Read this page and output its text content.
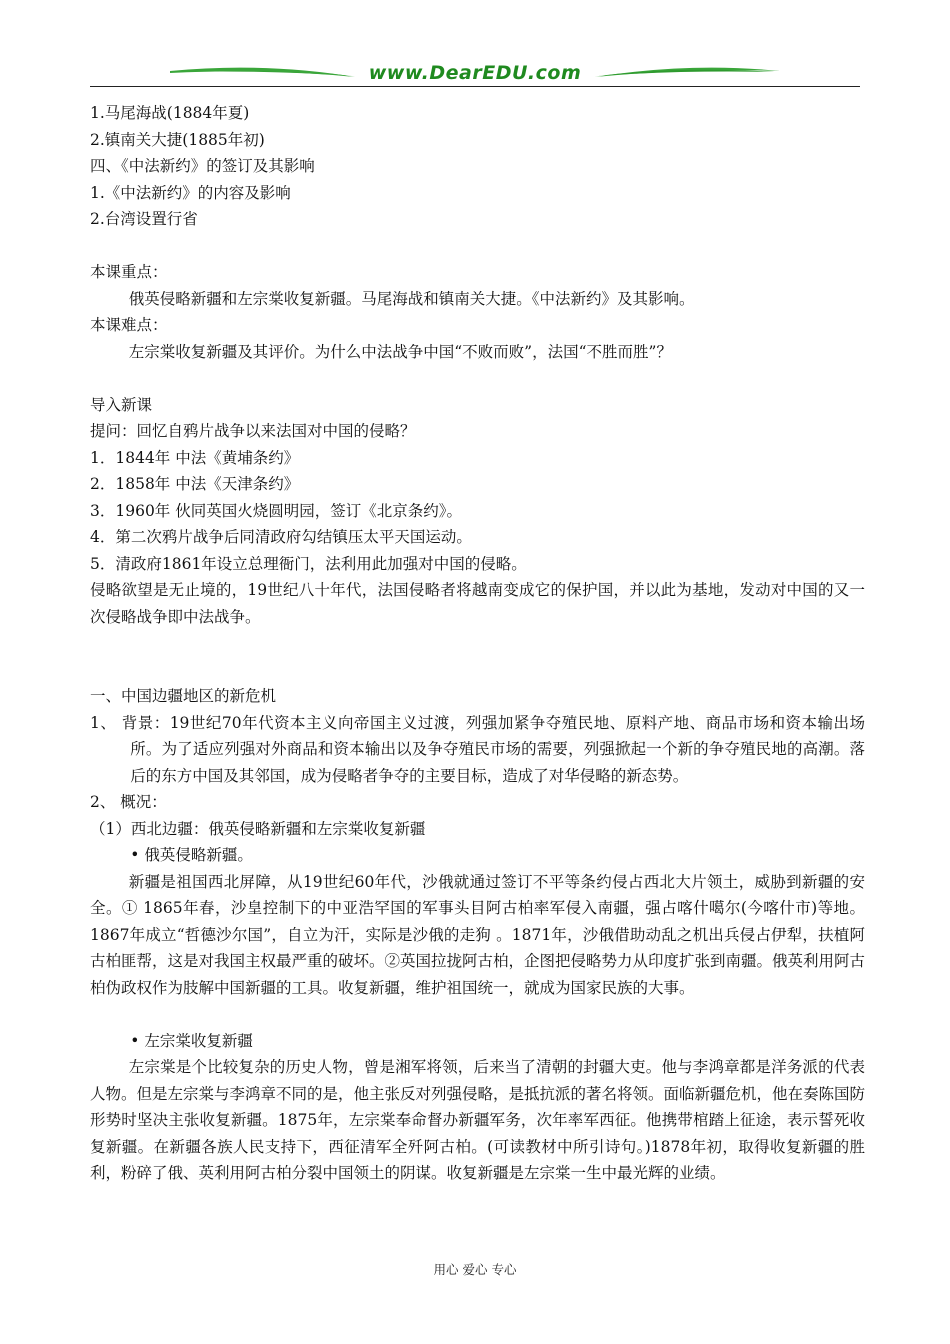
www.DearEDU.com

1.马尾海战(1884年夏)

2.镇南关大捷(1885年初)

四、《中法新约》的签订及其影响

1.《中法新约》的内容及影响

2.台湾设置行省

本课重点：

俄英侵略新疆和左宗棠收复新疆。马尾海战和镇南关大捷。《中法新约》及其影响。

本课难点：

左宗棠收复新疆及其评价。为什么中法战争中国“不败而败”，法国“不胜而胜”？

导入新课

提问：回忆自鸦片战争以来法国对中国的侵略？

1．1844年 中法《黄埔条约》

2．1858年 中法《天津条约》

3．1960年 伙同英国火烧圆明园，签订《北京条约》。

4．第二次鸦片战争后同清政府勾结镇压太平天国运动。

5．清政府1861年设立总理衙门，法利用此加强对中国的侵略。

侵略欲望是无止境的，19世纪八十年代，法国侵略者将越南变成它的保护国，并以此为基地，发动对中国的又一次侵略战争即中法战争。

一、中国边疆地区的新危机

1、 背景：19世纪70年代资本主义向帝国主义过渡，列强加紧争夺殖民地、原料产地、商品市场和资本输出场所。为了适应列强对外商品和资本输出以及争夺殖民市场的需要，列强掀起一个新的争夺殖民地的高潮。落后的东方中国及其邻国，成为侵略者争夺的主要目标，造成了对华侵略的新态势。

2、 概况：

（1）西北边疆：俄英侵略新疆和左宗棠收复新疆

• 俄英侵略新疆。

新疆是祖国西北屏障，从19世纪60年代，沙俄就通过签订不平等条约侵占西北大片领土，威胁到新疆的安全。① 1865年春，沙皇控制下的中亚浩罕国的军事头目阿古柏率军侵入南疆，强占喀什噶尔(今喀什市)等地。1867年成立“哲德沙尔国”，自立为汗，实际是沙俄的走狗 。1871年，沙俄借助动乱之机出兵侵占伊犁，扶植阿古柏匪帮，这是对我国主权最严重的破坏。②英国拉拢阿古柏，企图把侵略势力从印度扩张到南疆。俄英利用阿古柏伪政权作为肢解中国新疆的工具。收复新疆，维护祖国统一，就成为国家民族的大事。

• 左宗棠收复新疆

左宗棠是个比较复杂的历史人物，曾是湘军将领，后来当了清朝的封疆大吏。他与李鸿章都是洋务派的代表人物。但是左宗棠与李鸿章不同的是，他主张反对列强侵略，是抵抗派的著名将领。面临新疆危机，他在奏陈国防形势时坚决主张收复新疆。1875年，左宗棠奉命督办新疆军务，次年率军西征。他携带棺踏上征途，表示誓死收复新疆。在新疆各族人民支持下，西征清军全歼阿古柏。(可读教材中所引诗句。)1878年初，取得收复新疆的胜利，粉碎了俄、英利用阿古柏分裂中国领土的阴谋。收复新疆是左宗棠一生中最光辉的业绩。

用心 爱心 专心
